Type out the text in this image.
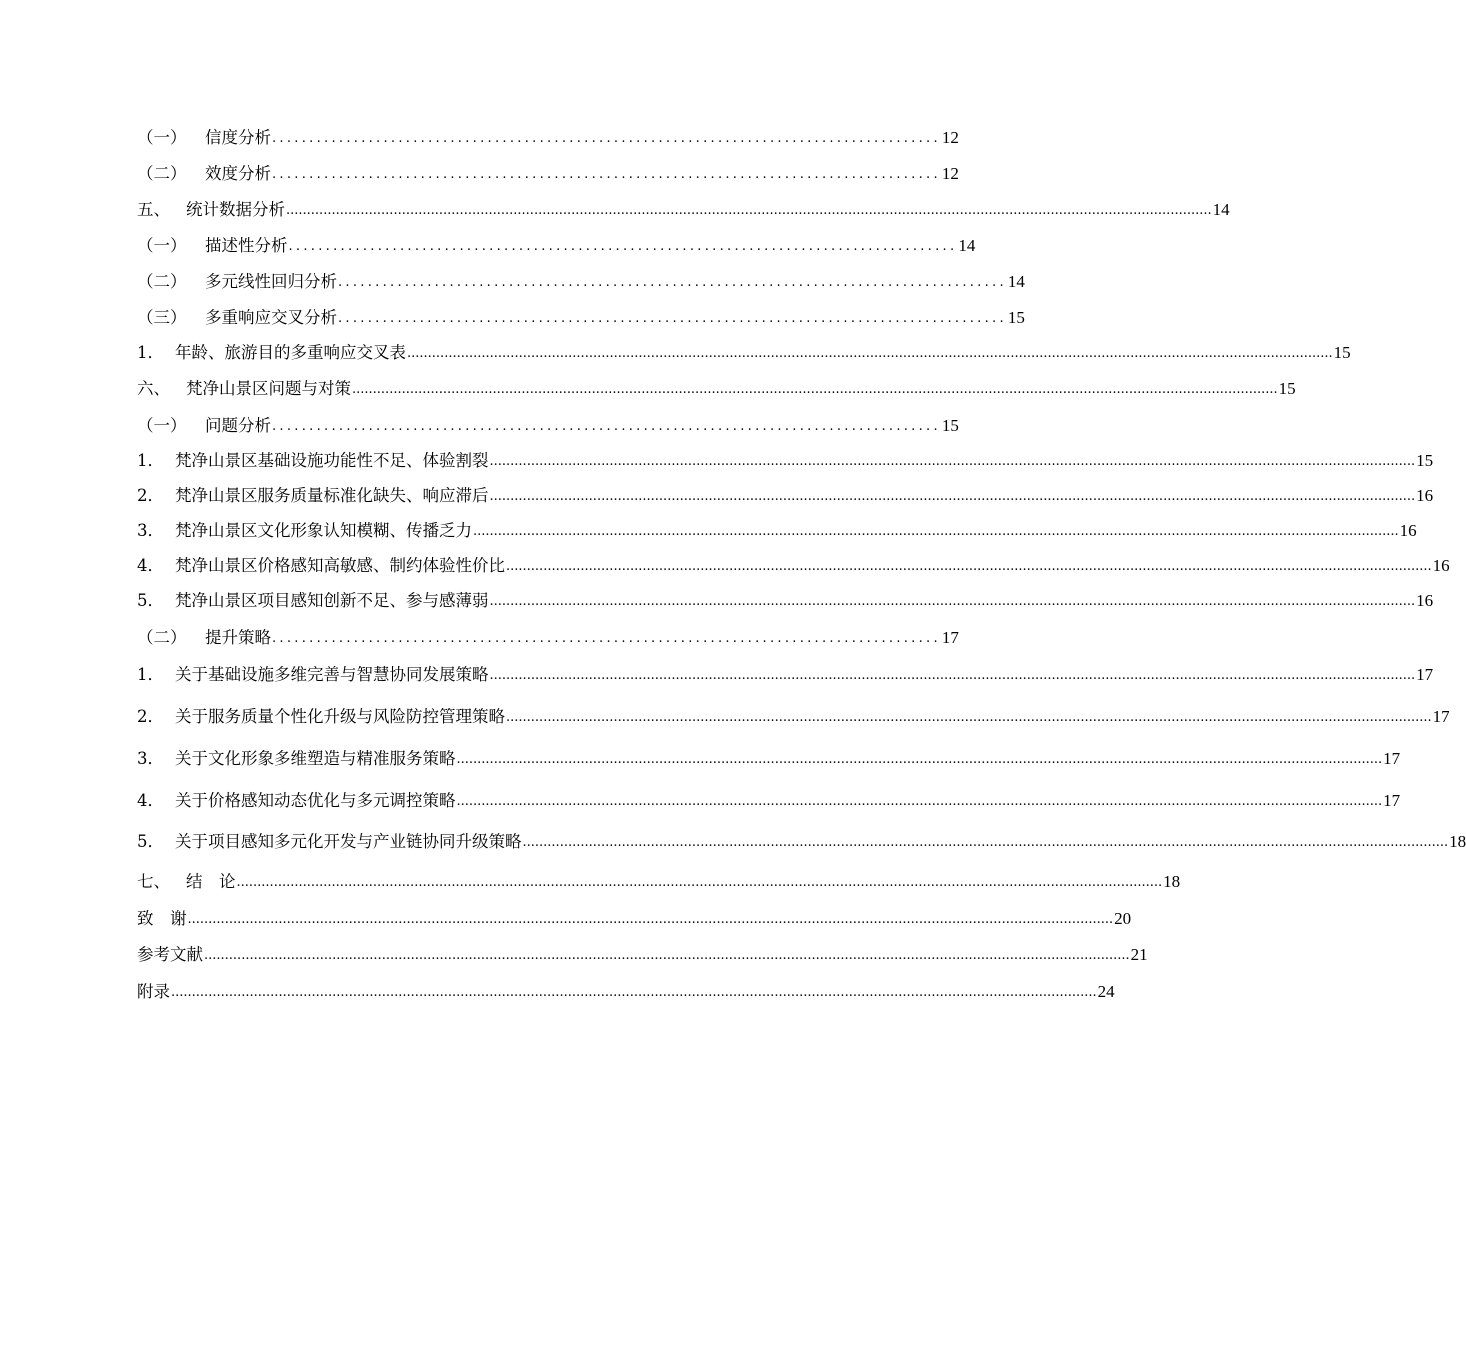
（一）	信度分析 .......................................................................................... 12
（二）	效度分析 .......................................................................................... 12
五、 统计数据分析 ................................................................................................................................................................................................................................ 14
（一）	描述性分析 .......................................................................................... 14
（二）	多元线性回归分析 .......................................................................................... 14
（三）	多重响应交叉分析 .......................................................................................... 15
1． 年龄、旅游目的多重响应交叉表 ................................................................................................................................................................................................................................ 15
六、 梵净山景区问题与对策 ................................................................................................................................................................................................................................ 15
（一）	问题分析 .......................................................................................... 15
1． 梵净山景区基础设施功能性不足、体验割裂 ................................................................................................................................................................................................................................ 15
2． 梵净山景区服务质量标准化缺失、响应滞后 ................................................................................................................................................................................................................................ 16
3． 梵净山景区文化形象认知模糊、传播乏力 ................................................................................................................................................................................................................................ 16
4． 梵净山景区价格感知高敏感、制约体验性价比 ................................................................................................................................................................................................................................ 16
5． 梵净山景区项目感知创新不足、参与感薄弱 ................................................................................................................................................................................................................................ 16
（二）	提升策略 .......................................................................................... 17
1． 关于基础设施多维完善与智慧协同发展策略 ................................................................................................................................................................................................................................ 17
2． 关于服务质量个性化升级与风险防控管理策略 ................................................................................................................................................................................................................................ 17
3． 关于文化形象多维塑造与精准服务策略 ................................................................................................................................................................................................................................ 17
4． 关于价格感知动态优化与多元调控策略 ................................................................................................................................................................................................................................ 17
5． 关于项目感知多元化开发与产业链协同升级策略 ................................................................................................................................................................................................................................ 18
七、 结　论 ................................................................................................................................................................................................................................ 18
致　谢 ................................................................................................................................................................................................................................ 20
参考文献 ................................................................................................................................................................................................................................ 21
附录 ................................................................................................................................................................................................................................ 24
